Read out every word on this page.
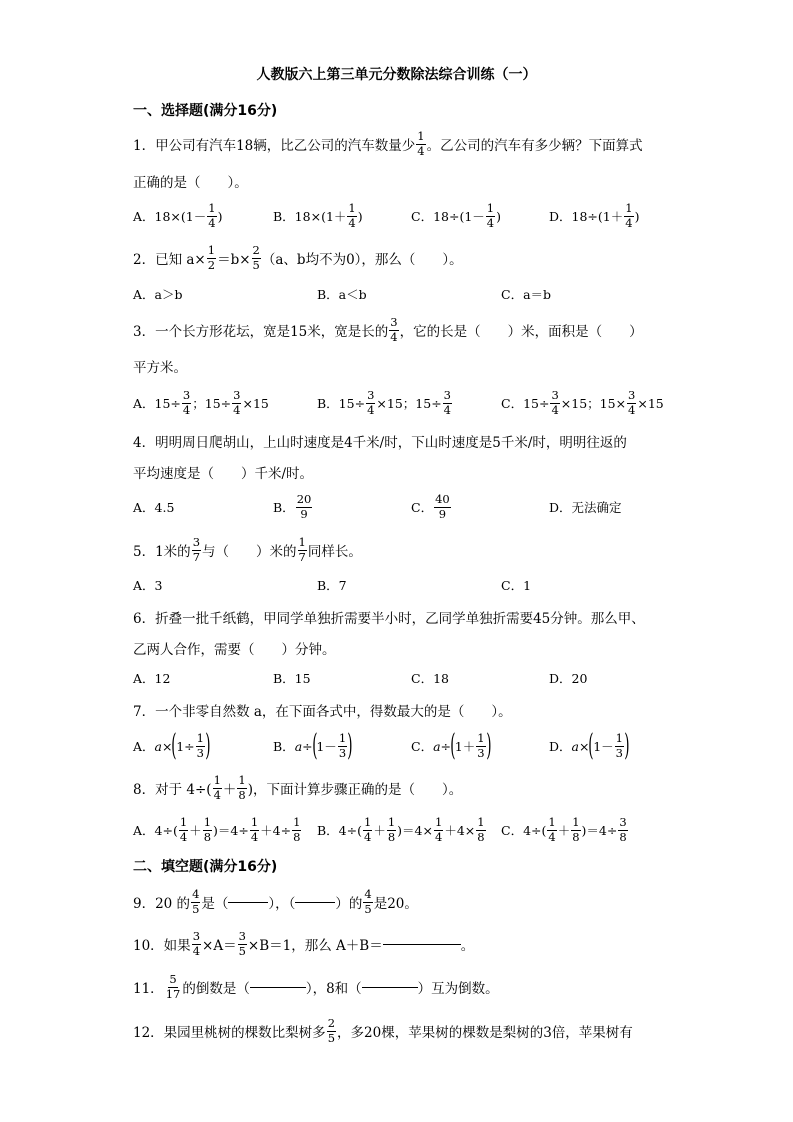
人教版六上第三单元分数除法综合训练（一）
一、选择题(满分16分)
1．甲公司有汽车18辆，比乙公司的汽车数量少 $\frac{1}{4}$ 。乙公司的汽车有多少辆？下面算式
正确的是（　　）。
A．$18\times(1- \frac{1}{4}$ )	B．$18\times(1+ \frac{1}{4}$ )	C．$18\div(1- \frac{1}{4}$ )	D．$18\div(1+ \frac{1}{4}$ )
2．已知 $a\times \frac{1}{2} =b\times \frac{2}{5} (a$、b均不为0），那么（　　）。
A．a＞b	B．a＜b	C．a＝b
3．一个长方形花坛，宽是15米，宽是长的 $\frac{3}{4}$ ，它的长是（　　）米，面积是（　　）
平方米。
A．$15\div \frac{3}{4}$ ；$15\div \frac{3}{4} \times 15$	B．$15\div \frac{3}{4} \times 15$；$15\div \frac{3}{4}$	C．$15\div \frac{3}{4} \times 15$；$15\times \frac{3}{4} \times 15$
4．明明周日爬胡山，上山时速度是4千米/时，下山时速度是5千米/时，明明往返的
平均速度是（　　）千米/时。
A．4.5	B． $\frac{20}{9}$	C． $\frac{40}{9}$	D．无法确定
5．1米的 $\frac{3}{7}$ 与（　　）米的 $\frac{1}{7}$ 同样长。
A．3	B．7	C．1
6．折叠一批千纸鹤，甲同学单独折需要半小时，乙同学单独折需要45分钟。那么甲、
乙两人合作，需要（　　）分钟。
A．12	B．15	C．18	D．20
7．一个非零自然数 a，在下面各式中，得数最大的是（　　）。
A． a × ( $1 \div \frac{1}{3}$ )	B． a ÷ ( $1 - \frac{1}{3}$ )	C． a ÷ ( $1 + \frac{1}{3}$ )	D． a × ( $1 - \frac{1}{3}$ )
8．对于 $4\div( \frac{1}{4} + \frac{1}{8}$ )，下面计算步骤正确的是（　　）。
A．$4\div( \frac{1}{4} + \frac{1}{8} )=4\div \frac{1}{4} +4\div \frac{1}{8}$ B．$4\div( \frac{1}{4} + \frac{1}{8} )=4\times \frac{1}{4} +4\times \frac{1}{8}$ C．$4\div( \frac{1}{4} + \frac{1}{8} )=4\div \frac{3}{8}$
二、填空题(满分16分)
9．20 的 $\frac{4}{5}$ 是（	），（	）的 $\frac{4}{5}$ 是20。
10．如果 $\frac{3}{4} \times A= \frac{3}{5} \times B=1$，那么 A＋B＝	。
11． $\frac{5}{17}$ 的倒数是（	），8和（	）互为倒数。
12．果园里桃树的棵数比梨树多 $\frac{2}{5}$ ，多20棵，苹果树的棵数是梨树的3倍，苹果树有
